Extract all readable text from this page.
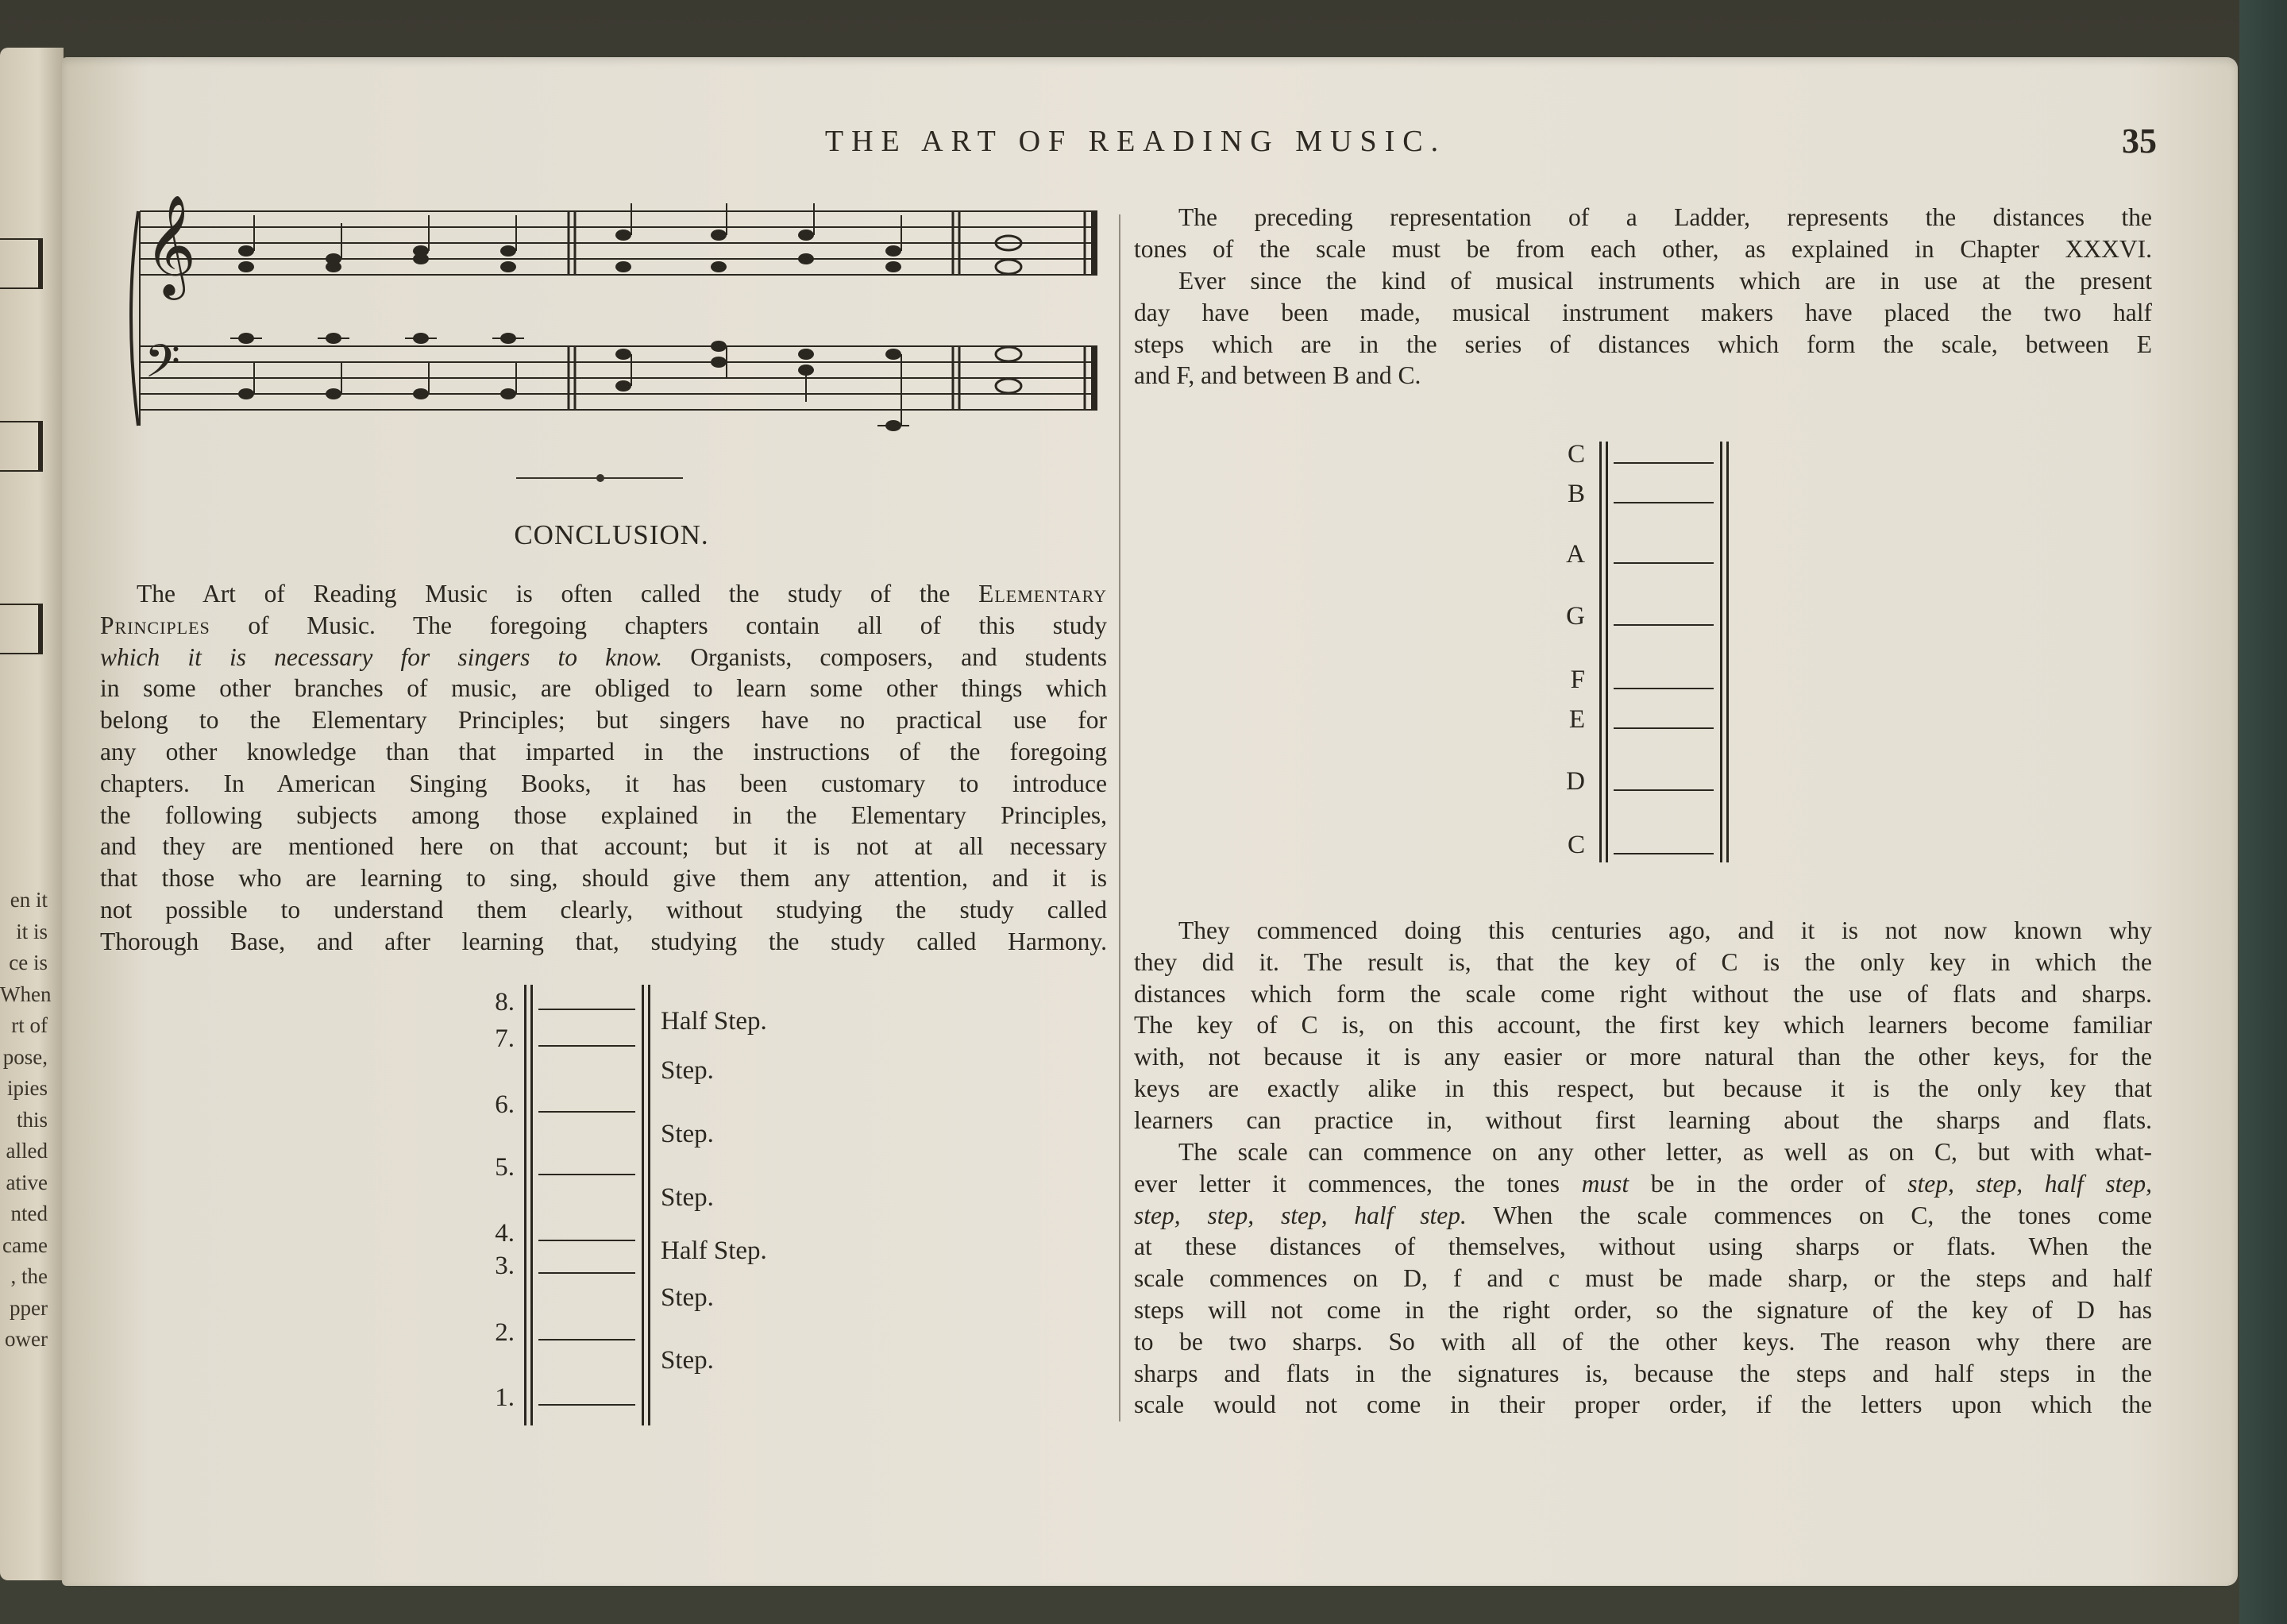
en it
it is
ce is
When
rt of
pose,
ipies
this
alled
ative
nted
came
, the
pper
ower
THE ART OF READING MUSIC.	35
𝄞
𝄢
CONCLUSION.
The Art of Reading Music is often called the study of the Elementary
Principles of Music. The foregoing chapters contain all of this study
which it is necessary for singers to know. Organists, composers, and students
in some other branches of music, are obliged to learn some other things which
belong to the Elementary Principles; but singers have no practical use for
any other knowledge than that imparted in the instructions of the foregoing
chapters. In American Singing Books, it has been customary to introduce
the following subjects among those explained in the Elementary Principles,
and they are mentioned here on that account; but it is not at all necessary
that those who are learning to sing, should give them any attention, and it is
not possible to understand them clearly, without studying the study called
Thorough Base, and after learning that, studying the study called Harmony.
8.
7.
6.
5.
4.
3.
2.
1.
Half Step.
Step.
Step.
Step.
Half Step.
Step.
Step.
The preceding representation of a Ladder, represents the distances the
tones of the scale must be from each other, as explained in Chapter XXXVI.
Ever since the kind of musical instruments which are in use at the present
day have been made, musical instrument makers have placed the two half
steps which are in the series of distances which form the scale, between E
and F, and between B and C.
C
B
A
G
F
E
D
C
They commenced doing this centuries ago, and it is not now known why
they did it. The result is, that the key of C is the only key in which the
distances which form the scale come right without the use of flats and sharps.
The key of C is, on this account, the first key which learners become familiar
with, not because it is any easier or more natural than the other keys, for the
keys are exactly alike in this respect, but because it is the only key that
learners can practice in, without first learning about the sharps and flats.
The scale can commence on any other letter, as well as on C, but with what-
ever letter it commences, the tones must be in the order of step, step, half step,
step, step, step, half step. When the scale commences on C, the tones come
at these distances of themselves, without using sharps or flats. When the
scale commences on D, f and c must be made sharp, or the steps and half
steps will not come in the right order, so the signature of the key of D has
to be two sharps. So with all of the other keys. The reason why there are
sharps and flats in the signatures is, because the steps and half steps in the
scale would not come in their proper order, if the letters upon which the
